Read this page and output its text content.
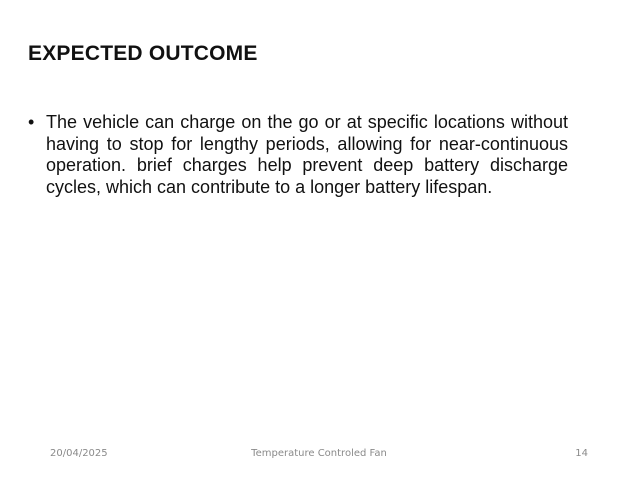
EXPECTED OUTCOME
• The vehicle can charge on the go or at specific locations without having to stop for lengthy periods, allowing for near-continuous operation. brief charges help prevent deep battery discharge cycles, which can contribute to a longer battery lifespan.
20/04/2025	Temperature Controled Fan	14
